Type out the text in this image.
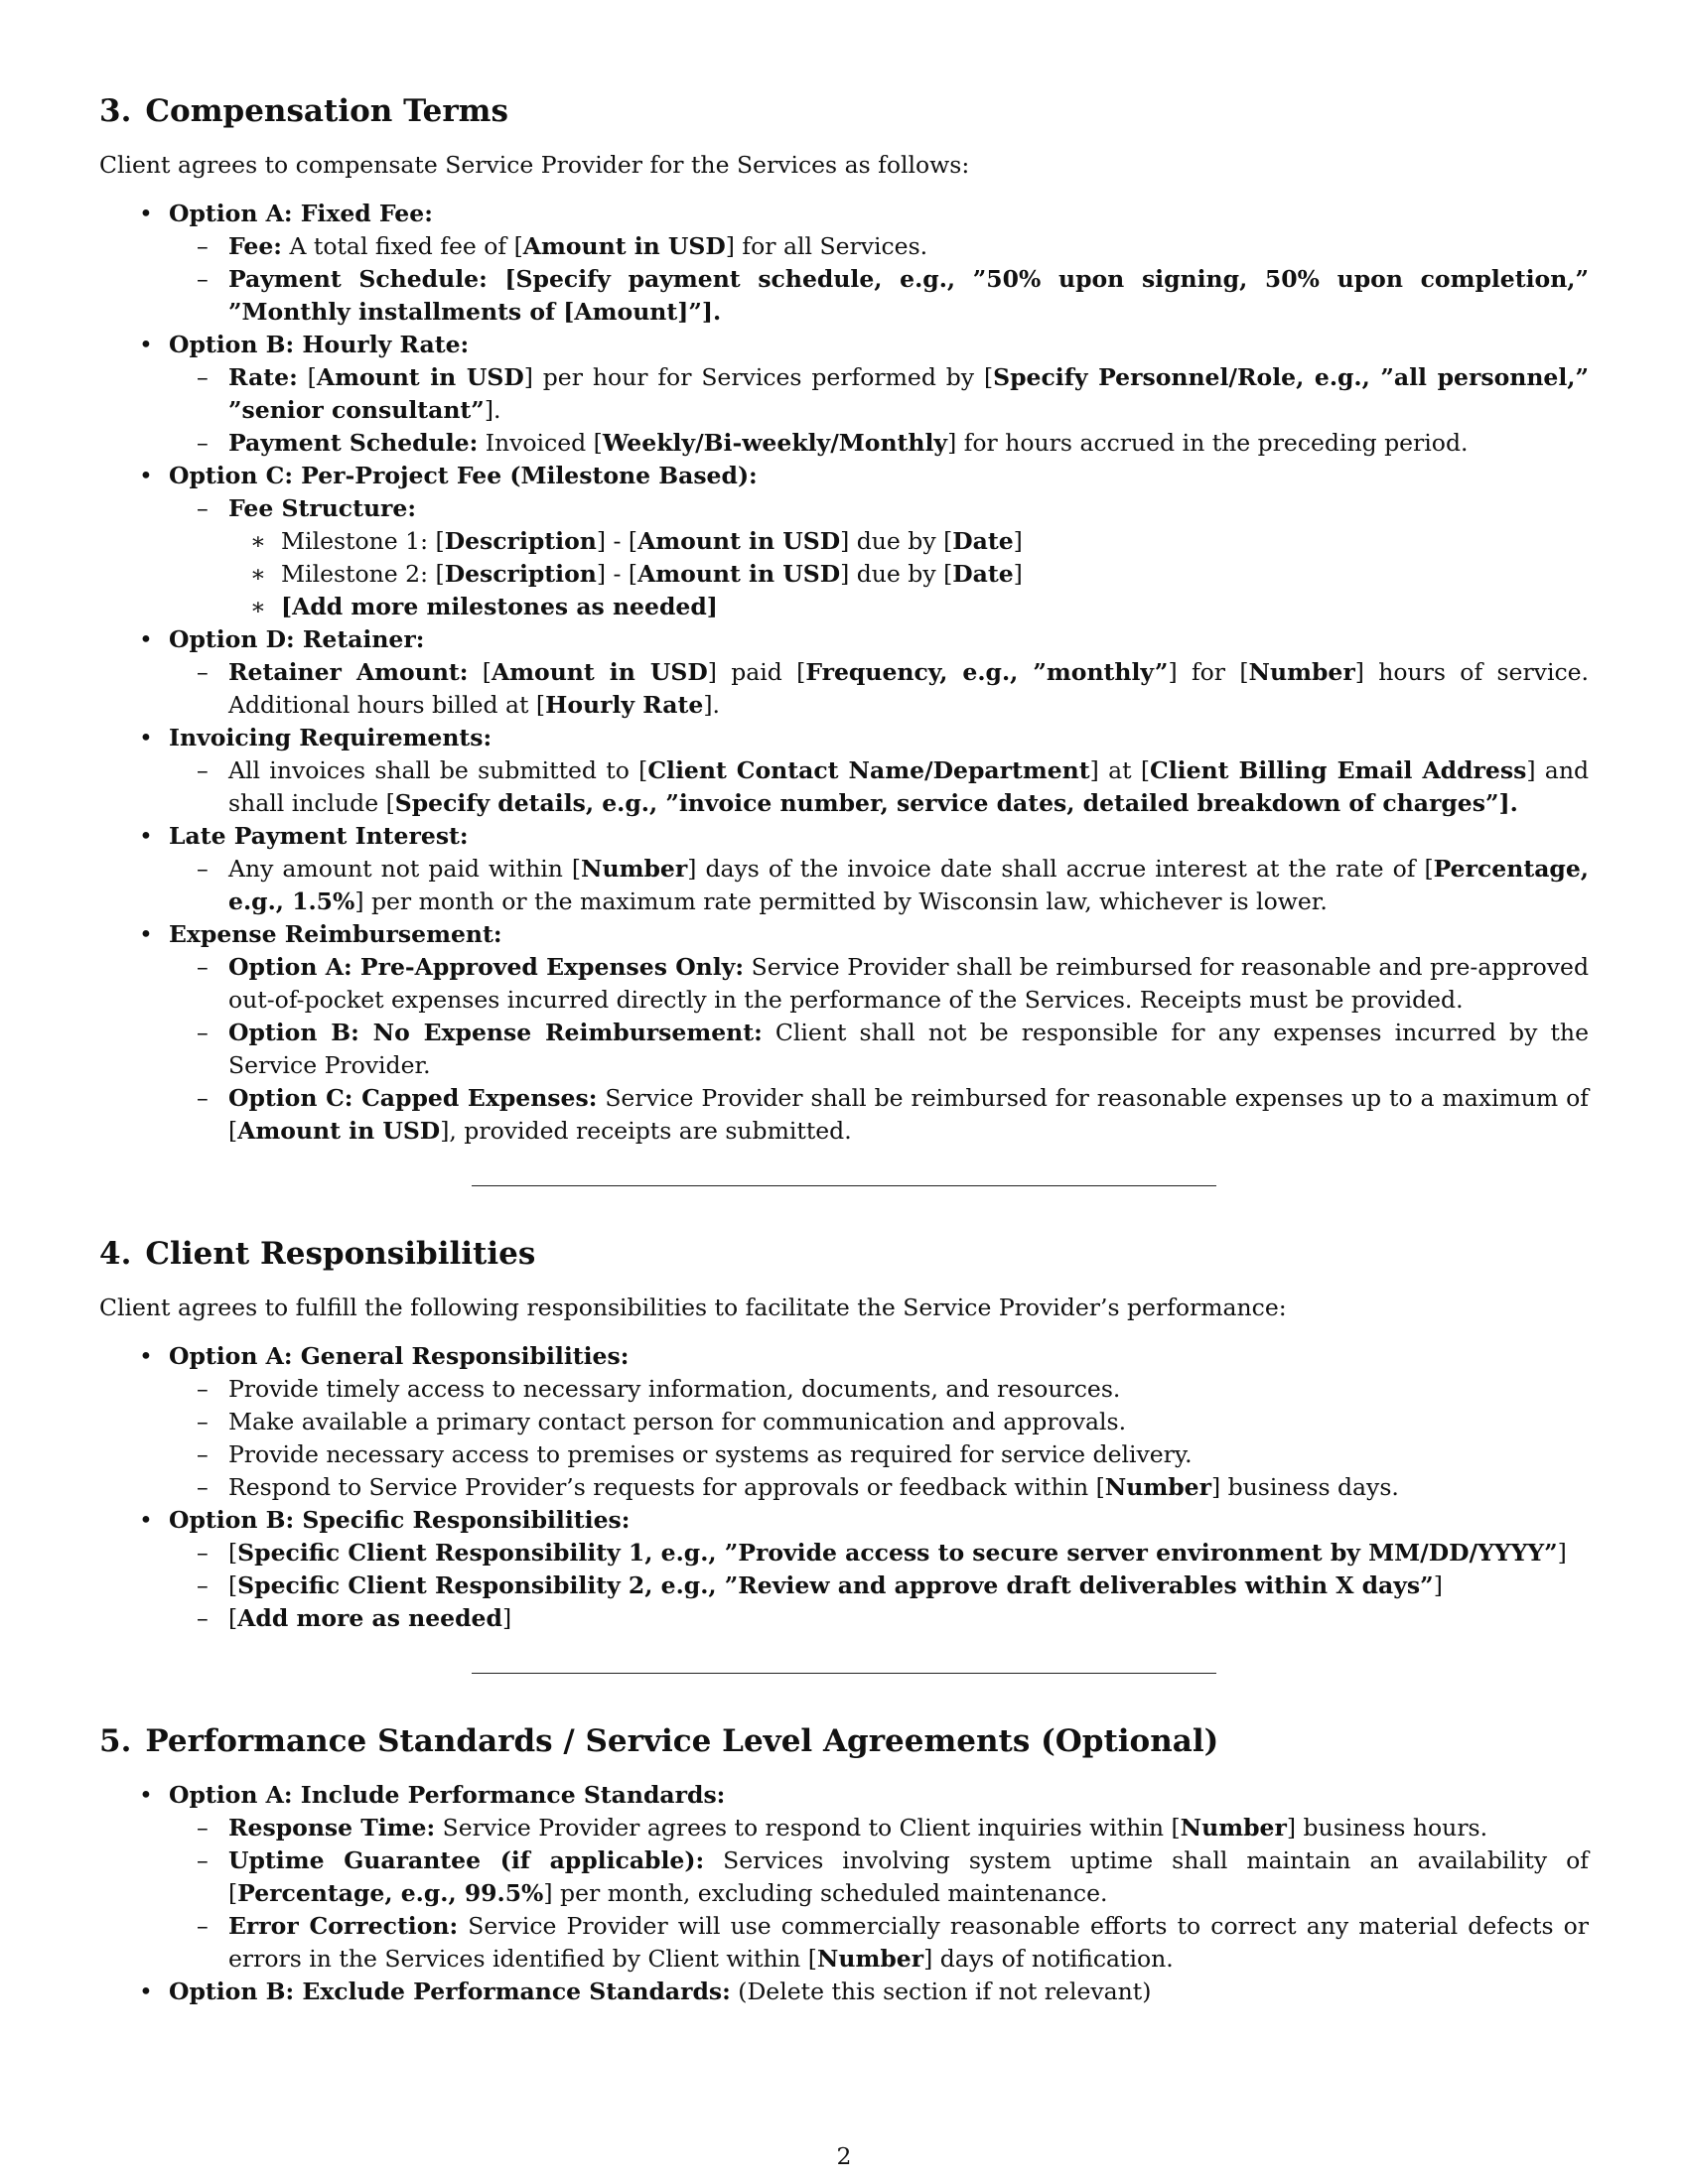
3. Compensation Terms

Client agrees to compensate Service Provider for the Services as follows:

• Option A: Fixed Fee:
– Fee: A total fixed fee of [Amount in USD] for all Services.
– Payment Schedule: [Specify payment schedule, e.g., ”50% upon signing, 50% upon completion,” ”Monthly installments of [Amount]”].
• Option B: Hourly Rate:
– Rate: [Amount in USD] per hour for Services performed by [Specify Personnel/Role, e.g., ”all personnel,” ”senior consultant”].
– Payment Schedule: Invoiced [Weekly/Bi-weekly/Monthly] for hours accrued in the preceding period.
• Option C: Per-Project Fee (Milestone Based):
– Fee Structure:
∗ Milestone 1: [Description] - [Amount in USD] due by [Date]
∗ Milestone 2: [Description] - [Amount in USD] due by [Date]
∗ [Add more milestones as needed]
• Option D: Retainer:
– Retainer Amount: [Amount in USD] paid [Frequency, e.g., ”monthly”] for [Number] hours of service. Additional hours billed at [Hourly Rate].
• Invoicing Requirements:
– All invoices shall be submitted to [Client Contact Name/Department] at [Client Billing Email Address] and shall include [Specify details, e.g., ”invoice number, service dates, detailed breakdown of charges”].
• Late Payment Interest:
– Any amount not paid within [Number] days of the invoice date shall accrue interest at the rate of [Percentage, e.g., 1.5%] per month or the maximum rate permitted by Wisconsin law, whichever is lower.
• Expense Reimbursement:
– Option A: Pre-Approved Expenses Only: Service Provider shall be reimbursed for reasonable and pre-approved out-of-pocket expenses incurred directly in the performance of the Services. Receipts must be provided.
– Option B: No Expense Reimbursement: Client shall not be responsible for any expenses incurred by the Service Provider.
– Option C: Capped Expenses: Service Provider shall be reimbursed for reasonable expenses up to a maximum of [Amount in USD], provided receipts are submitted.
4. Client Responsibilities

Client agrees to fulfill the following responsibilities to facilitate the Service Provider’s performance:

• Option A: General Responsibilities:
– Provide timely access to necessary information, documents, and resources.
– Make available a primary contact person for communication and approvals.
– Provide necessary access to premises or systems as required for service delivery.
– Respond to Service Provider’s requests for approvals or feedback within [Number] business days.
• Option B: Specific Responsibilities:
– [Specific Client Responsibility 1, e.g., ”Provide access to secure server environment by MM/DD/YYYY”]
– [Specific Client Responsibility 2, e.g., ”Review and approve draft deliverables within X days”]
– [Add more as needed]
5. Performance Standards / Service Level Agreements (Optional)
• Option A: Include Performance Standards:
– Response Time: Service Provider agrees to respond to Client inquiries within [Number] business hours.
– Uptime Guarantee (if applicable): Services involving system uptime shall maintain an availability of [Percentage, e.g., 99.5%] per month, excluding scheduled maintenance.
– Error Correction: Service Provider will use commercially reasonable efforts to correct any material defects or errors in the Services identified by Client within [Number] days of notification.
• Option B: Exclude Performance Standards: (Delete this section if not relevant)
2
